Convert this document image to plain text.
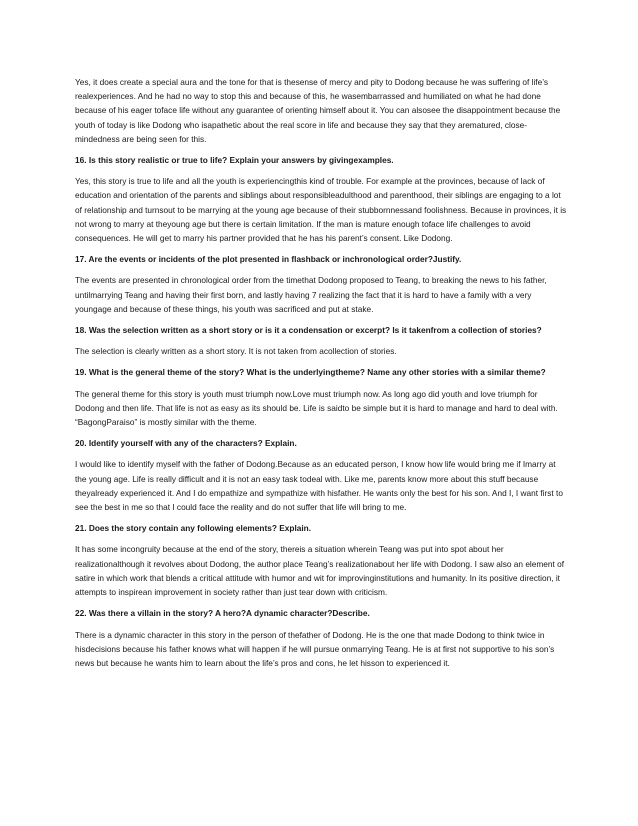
Yes, it does create a special aura and the tone for that is thesense of mercy and pity to Dodong because he was suffering of life’s realexperiences. And he had no way to stop this and because of this, he wasembarrassed and humiliated on what he had done because of his eager toface life without any guarantee of orienting himself about it. You can alsosee the disappointment because the youth of today is like Dodong who isapathetic about the real score in life and because they say that they arematured, close-mindedness are being seen for this.

16. Is this story realistic or true to life? Explain your answers by givingexamples.

Yes, this story is true to life and all the youth is experiencingthis kind of trouble. For example at the provinces, because of lack of education and orientation of the parents and siblings about responsibleadulthood and parenthood, their siblings are engaging to a lot of relationship and turnsout to be marrying at the young age because of their stubbornnessand foolishness. Because in provinces, it is not wrong to marry at theyoung age but there is certain limitation. If the man is mature enough toface life challenges to avoid consequences. He will get to marry his partner provided that he has his parent’s consent. Like Dodong.

17. Are the events or incidents of the plot presented in flashback or inchronological order?Justify.

The events are presented in chronological order from the timethat Dodong proposed to Teang, to breaking the news to his father, untilmarrying Teang and having their first born, and lastly having 7 realizing the fact that it is hard to have a family with a very youngage and because of these things, his youth was sacrificed and put at stake.

18. Was the selection written as a short story or is it a condensation or excerpt? Is it takenfrom a collection of stories?

The selection is clearly written as a short story. It is not taken from acollection of stories.

19. What is the general theme of the story? What is the underlyingtheme? Name any other stories with a similar theme?

The general theme for this story is youth must triumph now.Love must triumph now. As long ago did youth and love triumph for Dodong and then life. That life is not as easy as its should be. Life is saidto be simple but it is hard to manage and hard to deal with. “BagongParaiso” is mostly similar with the theme.

20. Identify yourself with any of the characters? Explain.

I would like to identify myself with the father of Dodong.Because as an educated person, I know how life would bring me if Imarry at the young age. Life is really difficult and it is not an easy task todeal with. Like me, parents know more about this stuff because theyalready experienced it. And I do empathize and sympathize with hisfather. He wants only the best for his son. And I, I want first to see the best in me so that I could face the reality and do not suffer that life will bring to me.

21. Does the story contain any following elements? Explain.

It has some incongruity because at the end of the story, thereis a situation wherein Teang was put into spot about her realizationalthough it revolves about Dodong, the author place Teang’s realizationabout her life with Dodong. I saw also an element of satire in which work that blends a critical attitude with humor and wit for improvinginstitutions and humanity. In its positive direction, it attempts to inspirean improvement in society rather than just tear down with criticism.

22. Was there a villain in the story? A hero?A dynamic character?Describe.

There is a dynamic character in this story in the person of thefather of Dodong. He is the one that made Dodong to think twice in hisdecisions because his father knows what will happen if he will pursue onmarrying Teang. He is at first not supportive to his son’s news but because he wants him to learn about the life’s pros and cons, he let hisson to experienced it.
